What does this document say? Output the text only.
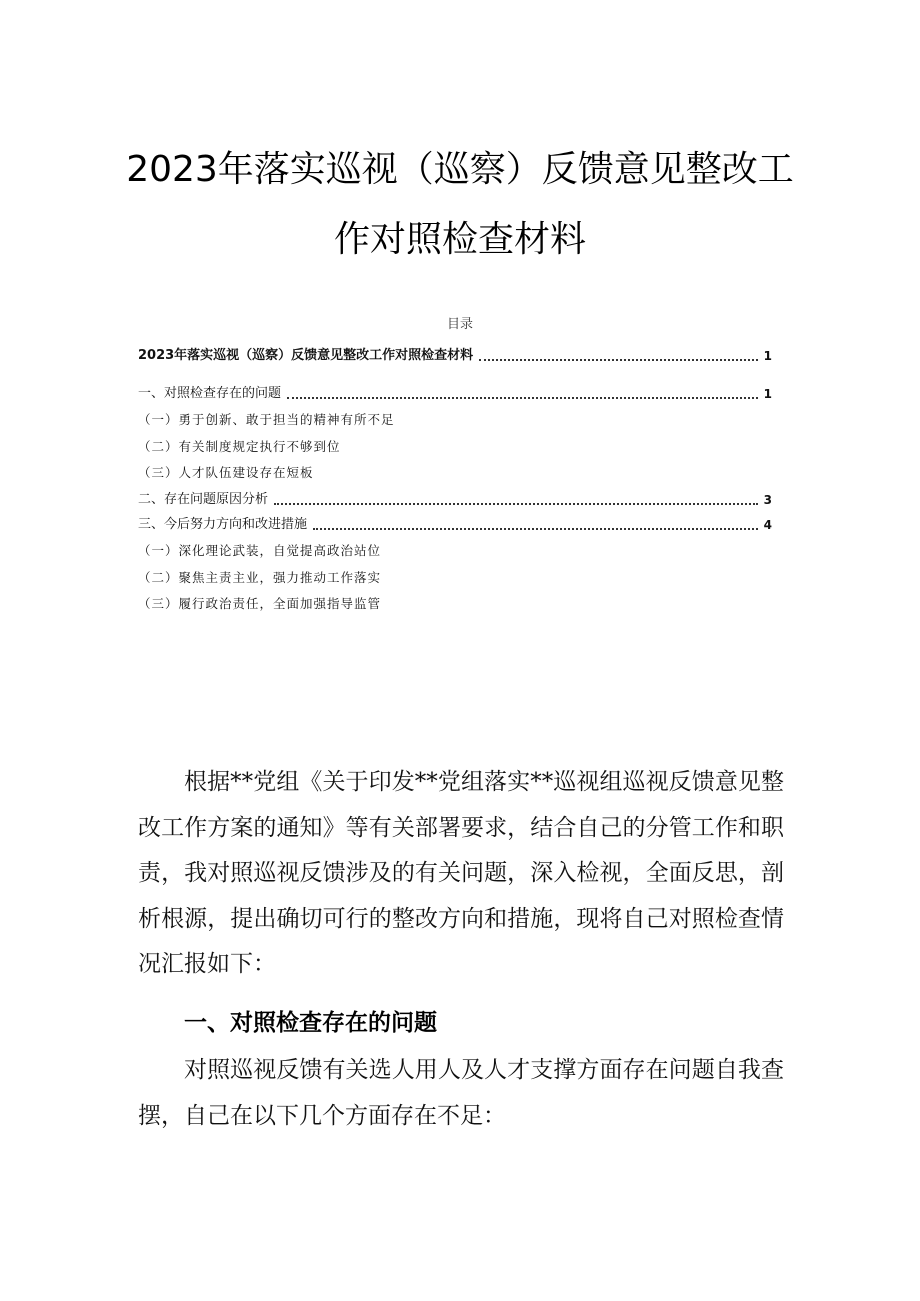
2023年落实巡视（巡察）反馈意见整改工
作对照检查材料
目录
2023年落实巡视（巡察）反馈意见整改工作对照检查材料	1
一、对照检查存在的问题	1
（一）勇于创新、敢于担当的精神有所不足
（二）有关制度规定执行不够到位
（三）人才队伍建设存在短板
二、存在问题原因分析	3
三、今后努力方向和改进措施	4
（一）深化理论武装，自觉提高政治站位
（二）聚焦主责主业，强力推动工作落实
（三）履行政治责任，全面加强指导监管

根据**党组《关于印发**党组落实**巡视组巡视反馈意见整改工作方案的通知》等有关部署要求，结合自己的分管工作和职责，我对照巡视反馈涉及的有关问题，深入检视，全面反思，剖析根源，提出确切可行的整改方向和措施，现将自己对照检查情况汇报如下：

一、对照检查存在的问题

对照巡视反馈有关选人用人及人才支撑方面存在问题自我查摆，自己在以下几个方面存在不足：
